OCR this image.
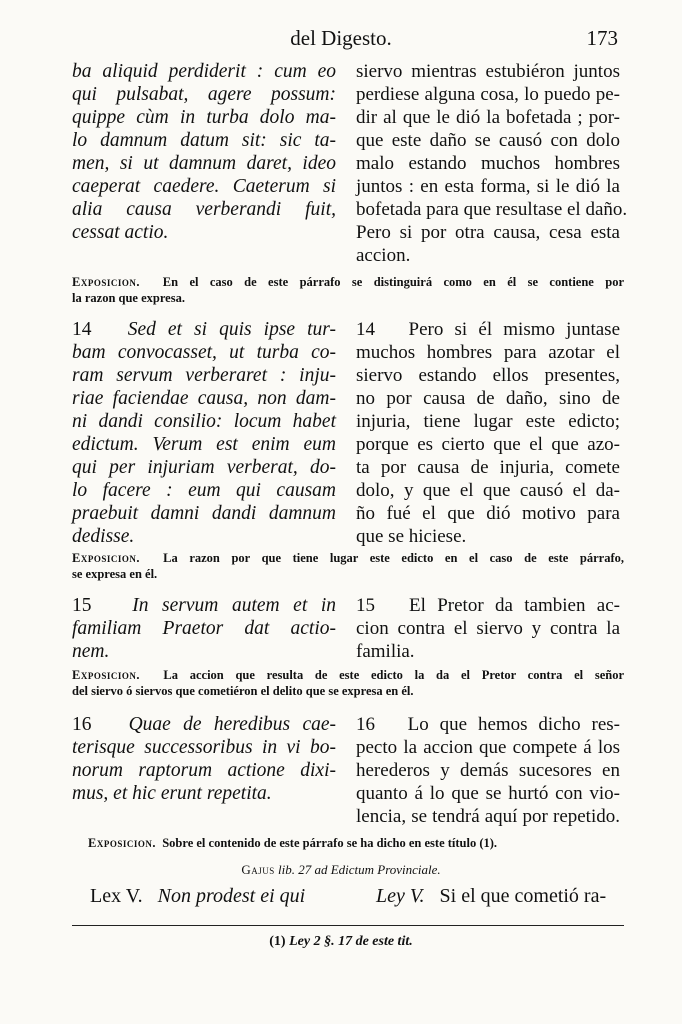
del Digesto.	173
ba aliquid perdiderit : cum eo
qui pulsabat, agere possum:
quippe cùm in turba dolo ma-
lo damnum datum sit: sic ta-
men, si ut damnum daret, ideo
caeperat caedere. Caeterum si
alia causa verberandi fuit,
cessat actio.
siervo mientras estubiéron juntos
perdiese alguna cosa, lo puedo pe-
dir al que le dió la bofetada ; por-
que este daño se causó con dolo
malo estando muchos hombres
juntos : en esta forma, si le dió la
bofetada para que resultase el daño.
Pero si por otra causa, cesa esta
accion.
Exposicion. En el caso de este párrafo se distinguirá como en él se contiene por
la razon que expresa.
14 Sed et si quis ipse tur-
bam convocasset, ut turba co-
ram servum verberaret : inju-
riae faciendae causa, non dam-
ni dandi consilio: locum habet
edictum. Verum est enim eum
qui per injuriam verberat, do-
lo facere : eum qui causam
praebuit damni dandi damnum
dedisse.
14 Pero si él mismo juntase
muchos hombres para azotar el
siervo estando ellos presentes,
no por causa de daño, sino de
injuria, tiene lugar este edicto;
porque es cierto que el que azo-
ta por causa de injuria, comete
dolo, y que el que causó el da-
ño fué el que dió motivo para
que se hiciese.
Exposicion. La razon por que tiene lugar este edicto en el caso de este párrafo,
se expresa en él.
15 In servum autem et in
familiam Praetor dat actio-
nem.
15 El Pretor da tambien ac-
cion contra el siervo y contra la
familia.
Exposicion. La accion que resulta de este edicto la da el Pretor contra el señor
del siervo ó siervos que cometiéron el delito que se expresa en él.
16 Quae de heredibus cae-
terisque successoribus in vi bo-
norum raptorum actione dixi-
mus, et hic erunt repetita.
16 Lo que hemos dicho res-
pecto la accion que compete á los
herederos y demás sucesores en
quanto á lo que se hurtó con vio-
lencia, se tendrá aquí por repetido.
Exposicion. Sobre el contenido de este párrafo se ha dicho en este título (1).
Gajus lib. 27 ad Edictum Provinciale.
Lex V. Non prodest ei qui	Ley V. Si el que cometió ra-
(1) Ley 2 §. 17 de este tit.
